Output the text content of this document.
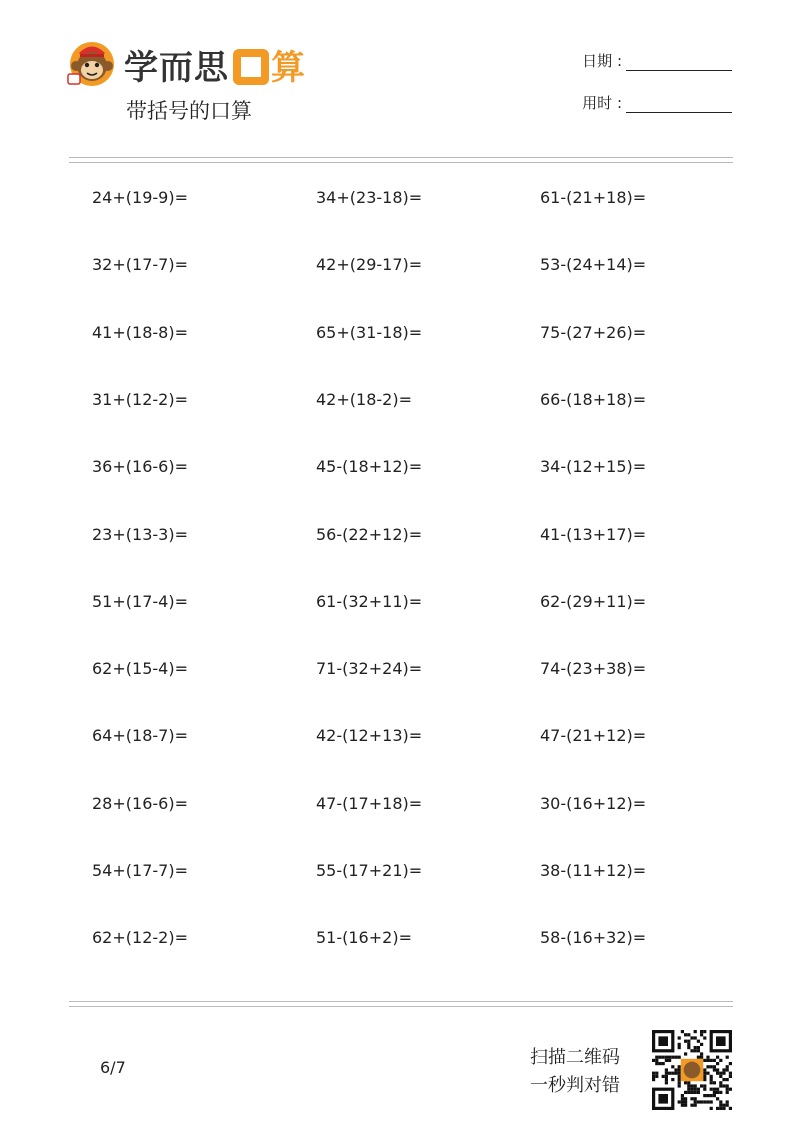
学而思 算
带括号的口算
日期 :
用时 :
24+(19-9)=	34+(23-18)=	61-(21+18)=
32+(17-7)=	42+(29-17)=	53-(24+14)=
41+(18-8)=	65+(31-18)=	75-(27+26)=
31+(12-2)=	42+(18-2)=	66-(18+18)=
36+(16-6)=	45-(18+12)=	34-(12+15)=
23+(13-3)=	56-(22+12)=	41-(13+17)=
51+(17-4)=	61-(32+11)=	62-(29+11)=
62+(15-4)=	71-(32+24)=	74-(23+38)=
64+(18-7)=	42-(12+13)=	47-(21+12)=
28+(16-6)=	47-(17+18)=	30-(16+12)=
54+(17-7)=	55-(17+21)=	38-(11+12)=
62+(12-2)=	51-(16+2)=	58-(16+32)=
6/7	扫描二维码
一秒判对错
